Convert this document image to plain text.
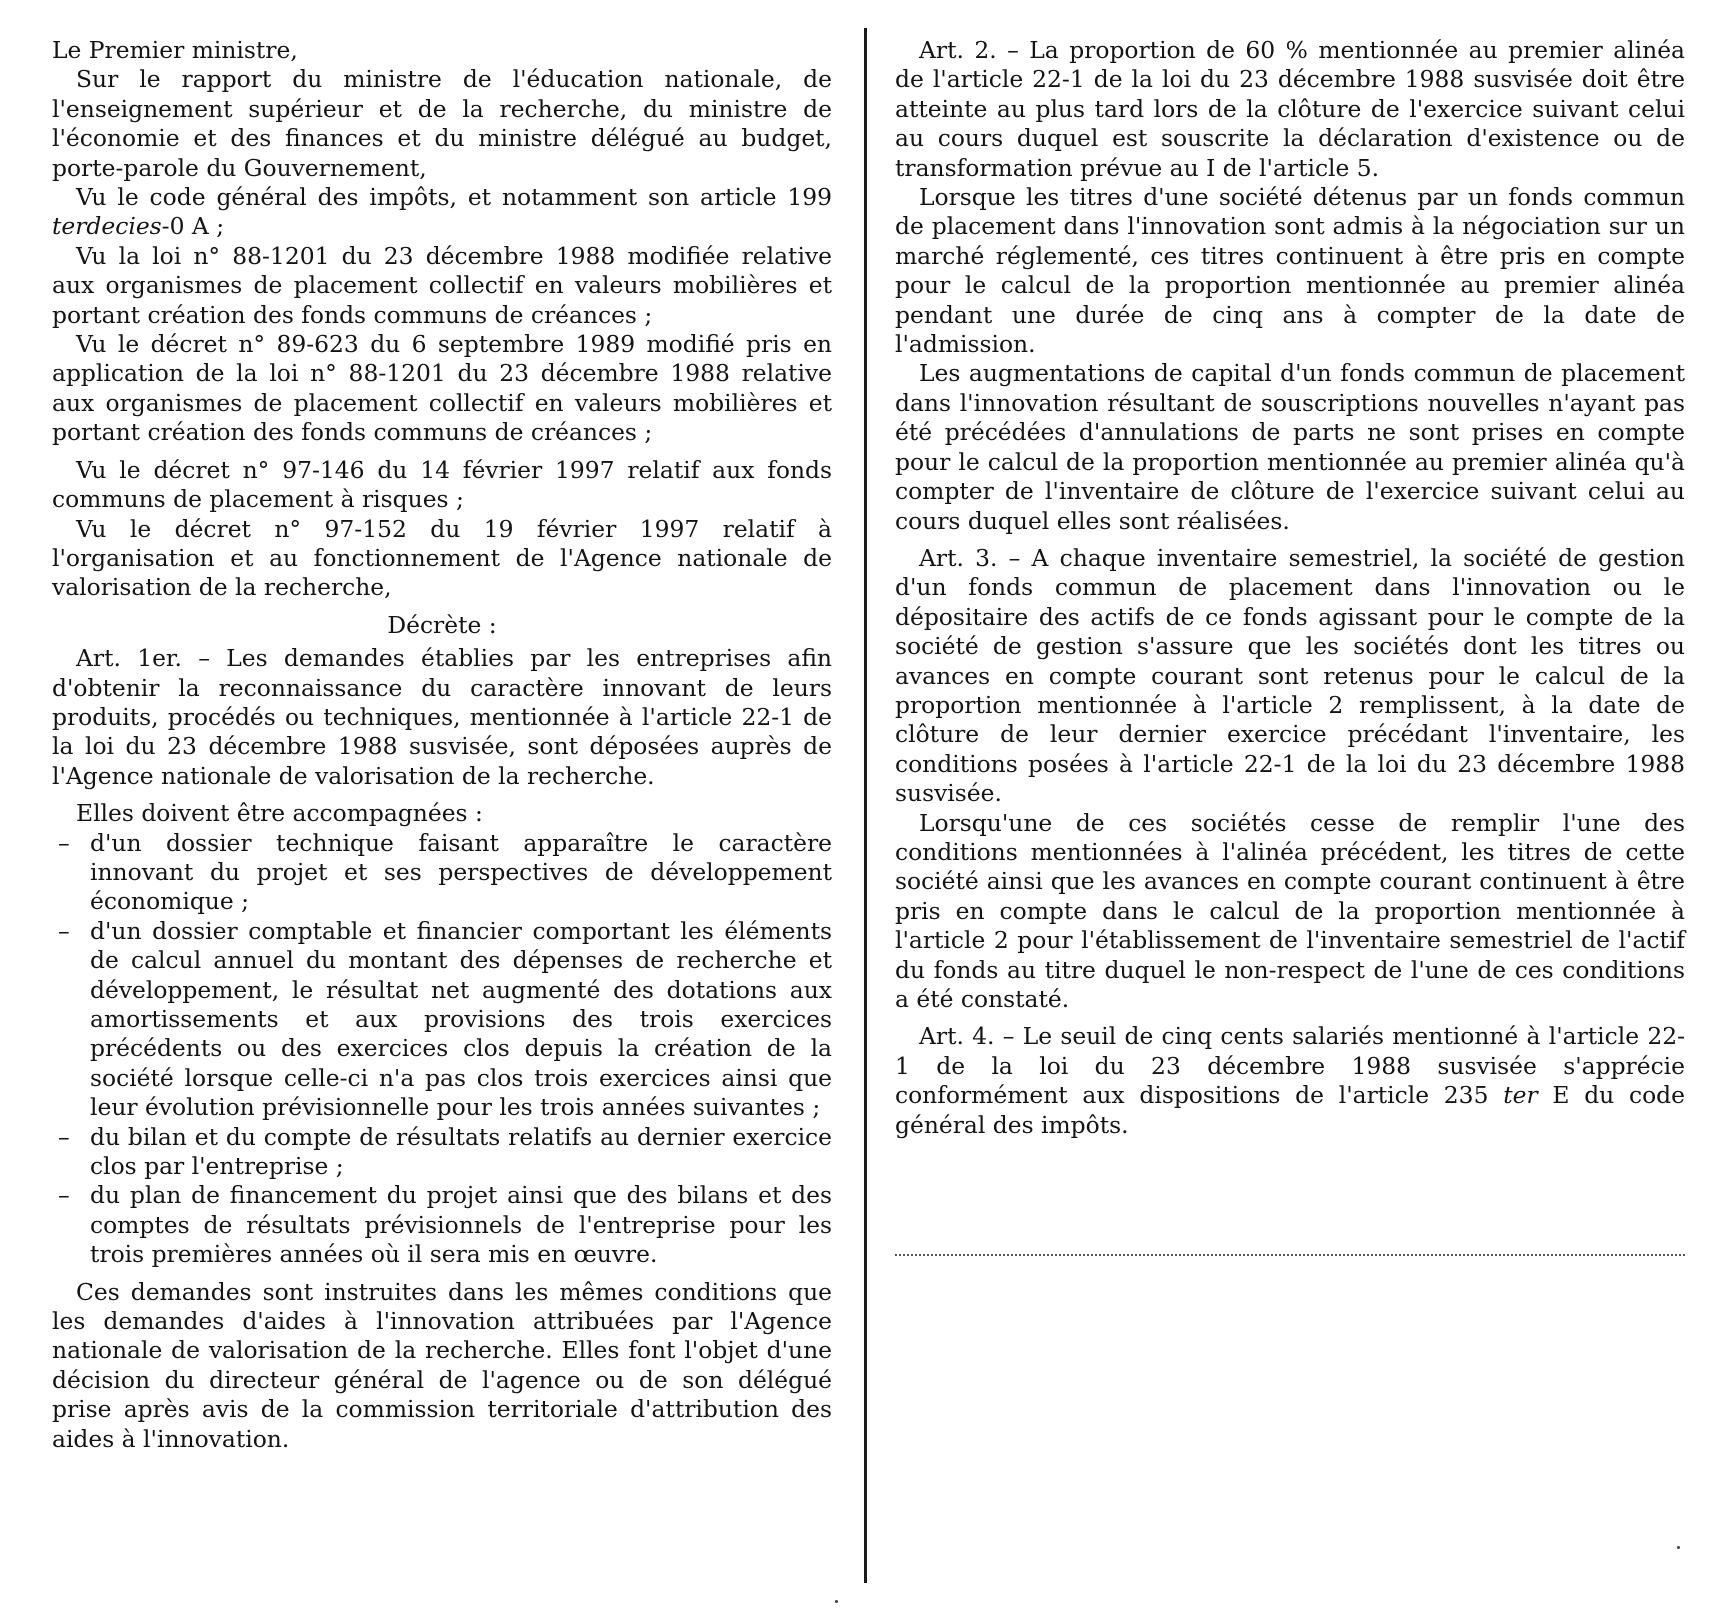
Le Premier ministre,

Sur le rapport du ministre de l'éducation nationale, de l'enseignement supérieur et de la recherche, du ministre de l'économie et des finances et du ministre délégué au budget, porte-parole du Gouvernement,

Vu le code général des impôts, et notamment son article 199 terdecies-0 A ;

Vu la loi n° 88-1201 du 23 décembre 1988 modifiée relative aux organismes de placement collectif en valeurs mobilières et portant création des fonds communs de créances ;

Vu le décret n° 89-623 du 6 septembre 1989 modifié pris en application de la loi n° 88-1201 du 23 décembre 1988 relative aux organismes de placement collectif en valeurs mobilières et portant création des fonds communs de créances ;

Vu le décret n° 97-146 du 14 février 1997 relatif aux fonds communs de placement à risques ;

Vu le décret n° 97-152 du 19 février 1997 relatif à l'organisation et au fonctionnement de l'Agence nationale de valorisation de la recherche,

Décrète :

Art. 1er. – Les demandes établies par les entreprises afin d'obtenir la reconnaissance du caractère innovant de leurs produits, procédés ou techniques, mentionnée à l'article 22-1 de la loi du 23 décembre 1988 susvisée, sont déposées auprès de l'Agence nationale de valorisation de la recherche.

Elles doivent être accompagnées :

– d'un dossier technique faisant apparaître le caractère innovant du projet et ses perspectives de développement économique ;
– d'un dossier comptable et financier comportant les éléments de calcul annuel du montant des dépenses de recherche et développement, le résultat net augmenté des dotations aux amortissements et aux provisions des trois exercices précédents ou des exercices clos depuis la création de la société lorsque celle-ci n'a pas clos trois exercices ainsi que leur évolution prévisionnelle pour les trois années suivantes ;
– du bilan et du compte de résultats relatifs au dernier exercice clos par l'entreprise ;
– du plan de financement du projet ainsi que des bilans et des comptes de résultats prévisionnels de l'entreprise pour les trois premières années où il sera mis en œuvre.

Ces demandes sont instruites dans les mêmes conditions que les demandes d'aides à l'innovation attribuées par l'Agence nationale de valorisation de la recherche. Elles font l'objet d'une décision du directeur général de l'agence ou de son délégué prise après avis de la commission territoriale d'attribution des aides à l'innovation.

Art. 2. – La proportion de 60 % mentionnée au premier alinéa de l'article 22-1 de la loi du 23 décembre 1988 susvisée doit être atteinte au plus tard lors de la clôture de l'exercice suivant celui au cours duquel est souscrite la déclaration d'existence ou de transformation prévue au I de l'article 5.

Lorsque les titres d'une société détenus par un fonds commun de placement dans l'innovation sont admis à la négociation sur un marché réglementé, ces titres continuent à être pris en compte pour le calcul de la proportion mentionnée au premier alinéa pendant une durée de cinq ans à compter de la date de l'admission.

Les augmentations de capital d'un fonds commun de placement dans l'innovation résultant de souscriptions nouvelles n'ayant pas été précédées d'annulations de parts ne sont prises en compte pour le calcul de la proportion mentionnée au premier alinéa qu'à compter de l'inventaire de clôture de l'exercice suivant celui au cours duquel elles sont réalisées.

Art. 3. – A chaque inventaire semestriel, la société de gestion d'un fonds commun de placement dans l'innovation ou le dépositaire des actifs de ce fonds agissant pour le compte de la société de gestion s'assure que les sociétés dont les titres ou avances en compte courant sont retenus pour le calcul de la proportion mentionnée à l'article 2 remplissent, à la date de clôture de leur dernier exercice précédant l'inventaire, les conditions posées à l'article 22-1 de la loi du 23 décembre 1988 susvisée.

Lorsqu'une de ces sociétés cesse de remplir l'une des conditions mentionnées à l'alinéa précédent, les titres de cette société ainsi que les avances en compte courant continuent à être pris en compte dans le calcul de la proportion mentionnée à l'article 2 pour l'établissement de l'inventaire semestriel de l'actif du fonds au titre duquel le non-respect de l'une de ces conditions a été constaté.

Art. 4. – Le seuil de cinq cents salariés mentionné à l'article 22-1 de la loi du 23 décembre 1988 susvisée s'apprécie conformément aux dispositions de l'article 235 ter E du code général des impôts.
